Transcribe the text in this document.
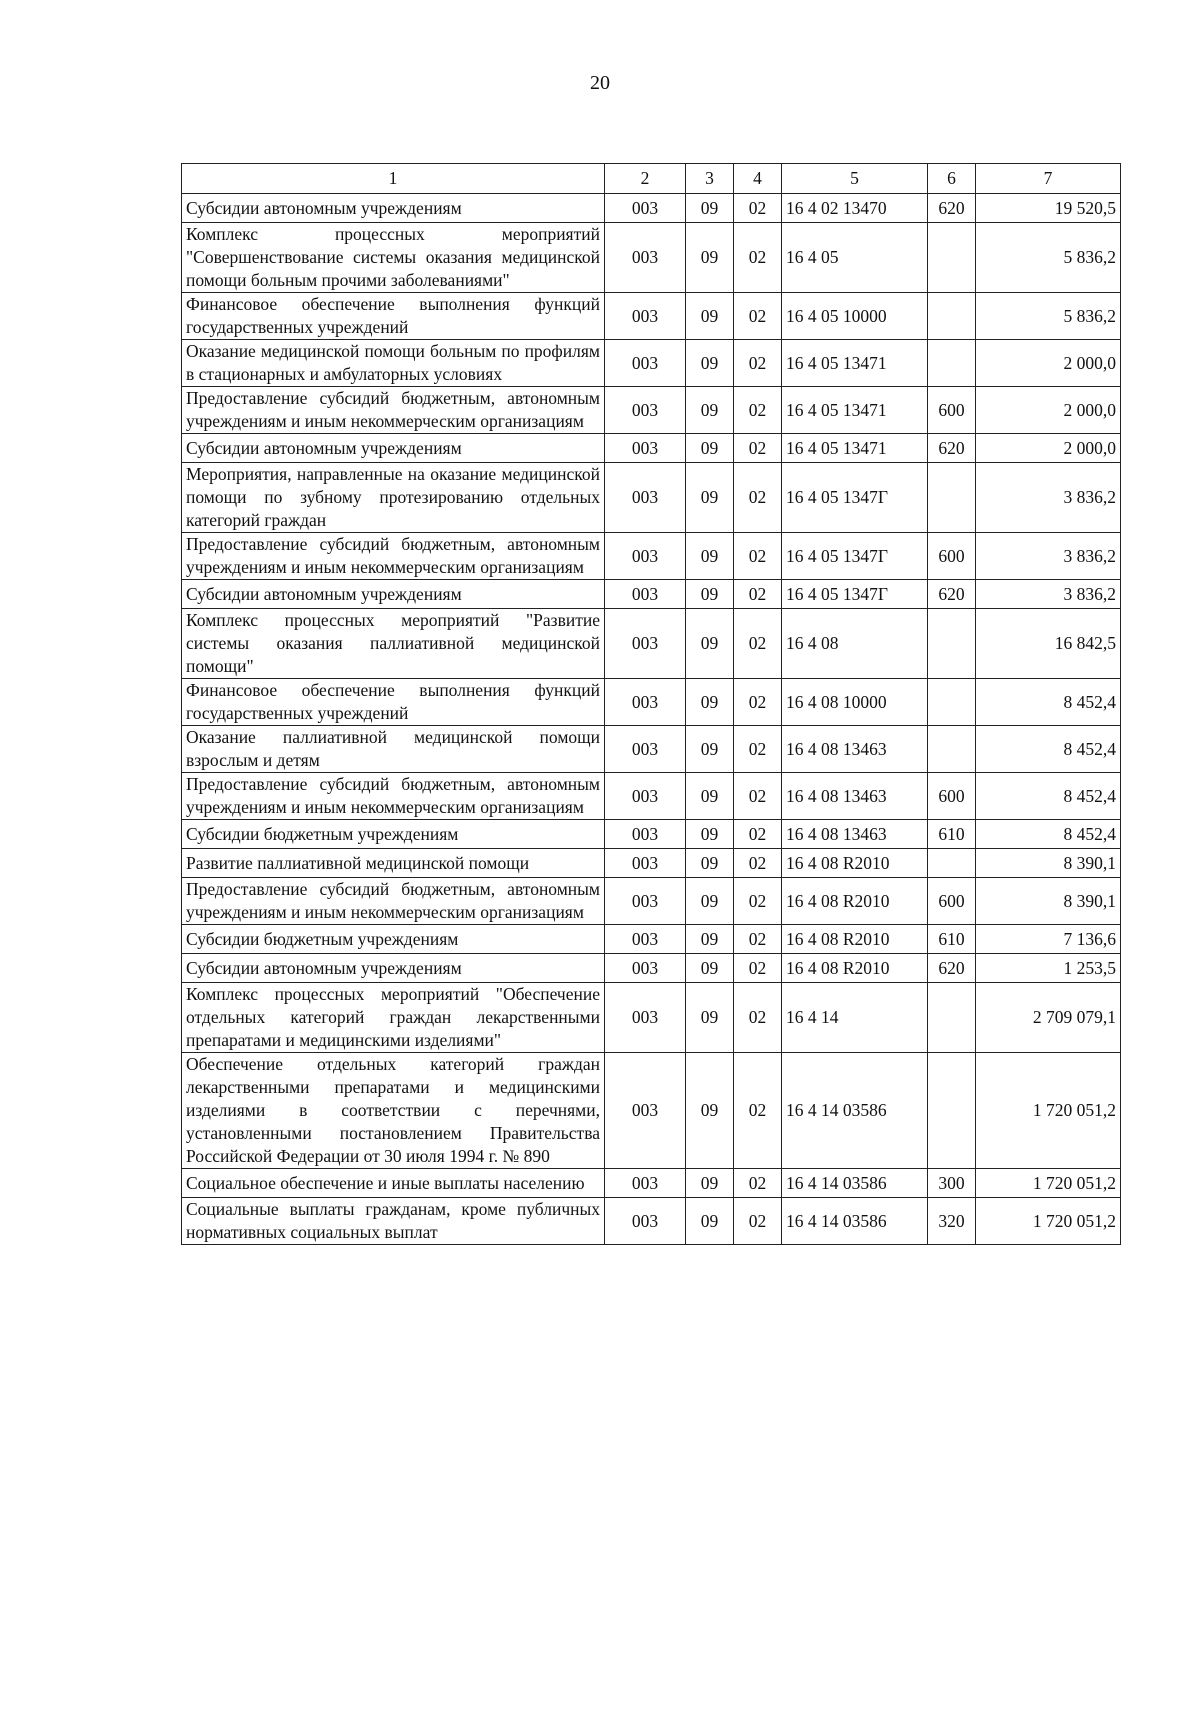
20
1	2	3	4	5	6	7
Субсидии автономным учреждениям	003	09	02	16 4 02 13470	620	19 520,5
Комплекс процессных мероприятий "Совершенствование системы оказания медицинской помощи больным прочими заболеваниями"	003	09	02	16 4 05		5 836,2
Финансовое обеспечение выполнения функций государственных учреждений	003	09	02	16 4 05 10000		5 836,2
Оказание медицинской помощи больным по профилям в стационарных и амбулаторных условиях	003	09	02	16 4 05 13471		2 000,0
Предоставление субсидий бюджетным, автономным учреждениям и иным некоммерческим организациям	003	09	02	16 4 05 13471	600	2 000,0
Субсидии автономным учреждениям	003	09	02	16 4 05 13471	620	2 000,0
Мероприятия, направленные на оказание медицинской помощи по зубному протезированию отдельных категорий граждан	003	09	02	16 4 05 1347Г		3 836,2
Предоставление субсидий бюджетным, автономным учреждениям и иным некоммерческим организациям	003	09	02	16 4 05 1347Г	600	3 836,2
Субсидии автономным учреждениям	003	09	02	16 4 05 1347Г	620	3 836,2
Комплекс процессных мероприятий "Развитие системы оказания паллиативной медицинской помощи"	003	09	02	16 4 08		16 842,5
Финансовое обеспечение выполнения функций государственных учреждений	003	09	02	16 4 08 10000		8 452,4
Оказание паллиативной медицинской помощи взрослым и детям	003	09	02	16 4 08 13463		8 452,4
Предоставление субсидий бюджетным, автономным учреждениям и иным некоммерческим организациям	003	09	02	16 4 08 13463	600	8 452,4
Субсидии бюджетным учреждениям	003	09	02	16 4 08 13463	610	8 452,4
Развитие паллиативной медицинской помощи	003	09	02	16 4 08 R2010		8 390,1
Предоставление субсидий бюджетным, автономным учреждениям и иным некоммерческим организациям	003	09	02	16 4 08 R2010	600	8 390,1
Субсидии бюджетным учреждениям	003	09	02	16 4 08 R2010	610	7 136,6
Субсидии автономным учреждениям	003	09	02	16 4 08 R2010	620	1 253,5
Комплекс процессных мероприятий "Обеспечение отдельных категорий граждан лекарственными препаратами и медицинскими изделиями"	003	09	02	16 4 14		2 709 079,1
Обеспечение отдельных категорий граждан лекарственными препаратами и медицинскими изделиями в соответствии с перечнями, установленными постановлением Правительства Российской Федерации от 30 июля 1994 г. № 890	003	09	02	16 4 14 03586		1 720 051,2
Социальное обеспечение и иные выплаты населению	003	09	02	16 4 14 03586	300	1 720 051,2
Социальные выплаты гражданам, кроме публичных нормативных социальных выплат	003	09	02	16 4 14 03586	320	1 720 051,2
